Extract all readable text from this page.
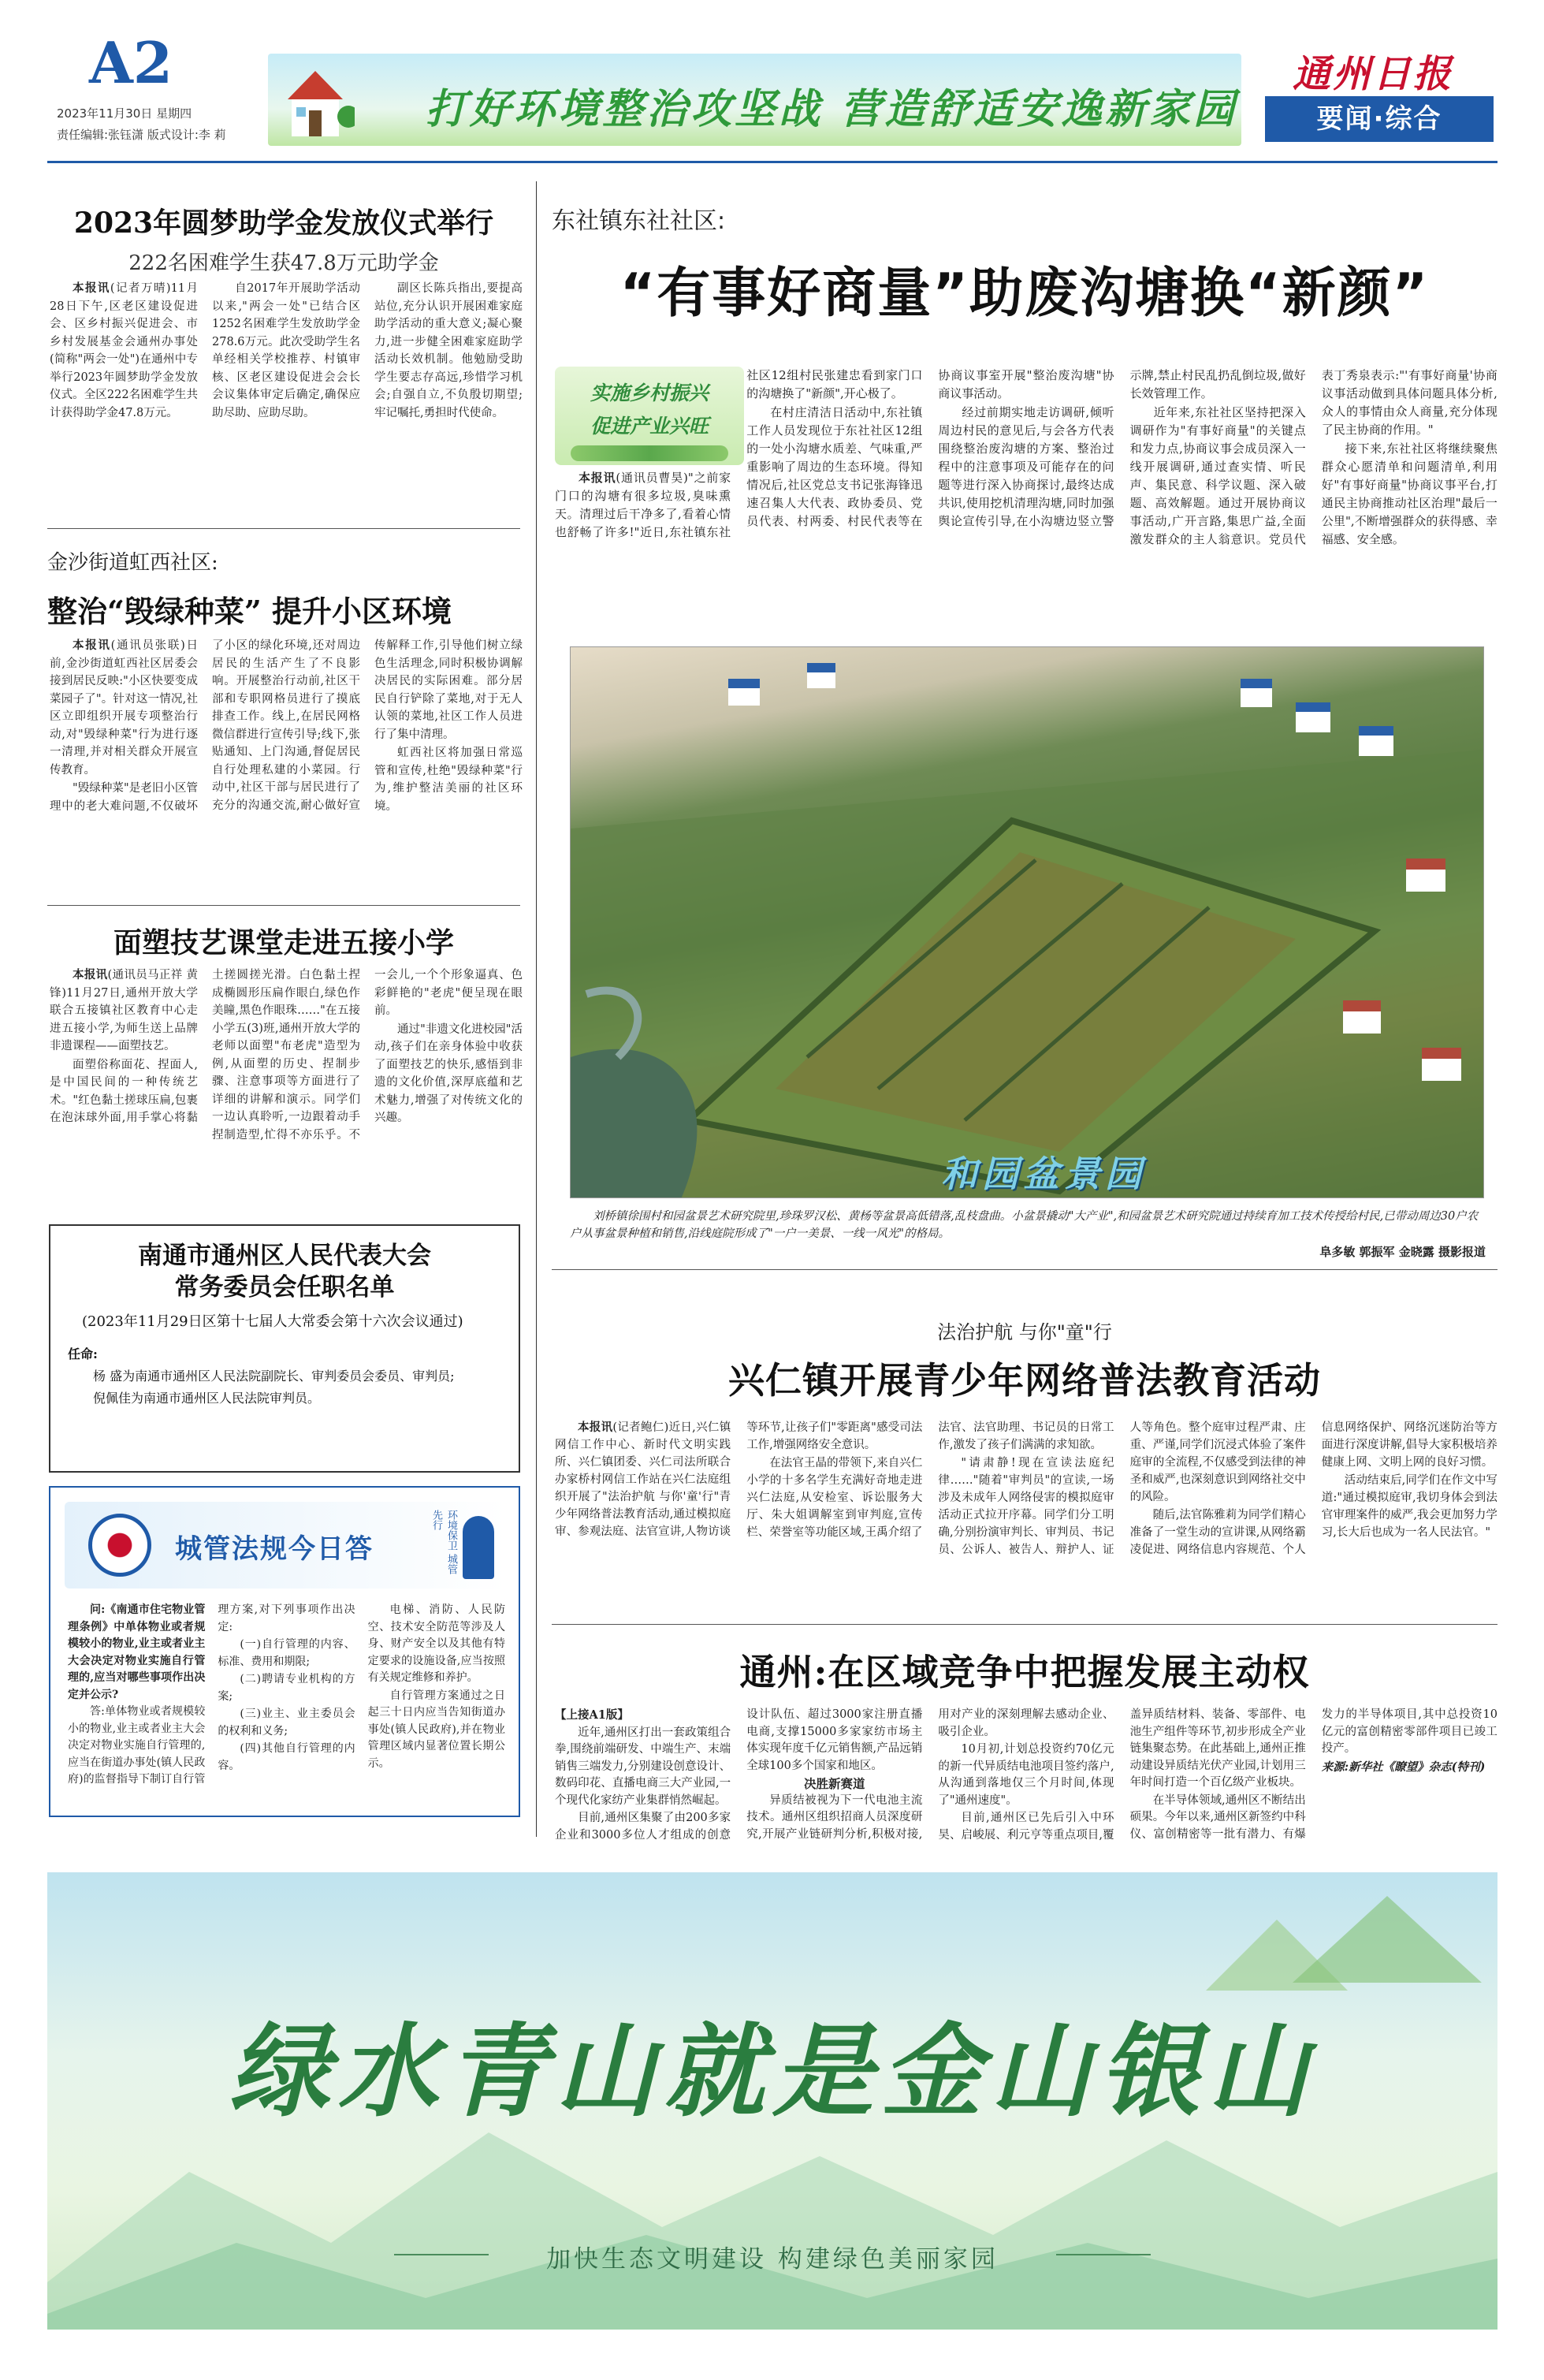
A2
2023年11月30日 星期四
责任编辑:张钰潇 版式设计:李 莉
打好环境整治攻坚战 营造舒适安逸新家园
通州日报
要闻·综合
2023年圆梦助学金发放仪式举行
222名困难学生获47.8万元助学金

本报讯(记者万晴)11月28日下午,区老区建设促进会、区乡村振兴促进会、市乡村发展基金会通州办事处(简称"两会一处")在通州中专举行2023年圆梦助学金发放仪式。全区222名困难学生共计获得助学金47.8万元。

自2017年开展助学活动以来,"两会一处"已结合区1252名困难学生发放助学金278.6万元。此次受助学生名单经相关学校推荐、村镇审核、区老区建设促进会会长会议集体审定后确定,确保应助尽助、应助尽助。

副区长陈兵指出,要提高站位,充分认识开展困难家庭助学活动的重大意义;凝心聚力,进一步健全困难家庭助学活动长效机制。他勉励受助学生要志存高远,珍惜学习机会;自强自立,不负殷切期望;牢记嘱托,勇担时代使命。

金沙街道虹西社区:
整治“毁绿种菜” 提升小区环境

本报讯(通讯员张联)日前,金沙街道虹西社区居委会接到居民反映:"小区快要变成菜园子了"。针对这一情况,社区立即组织开展专项整治行动,对"毁绿种菜"行为进行逐一清理,并对相关群众开展宣传教育。

"毁绿种菜"是老旧小区管理中的老大难问题,不仅破坏了小区的绿化环境,还对周边居民的生活产生了不良影响。开展整治行动前,社区干部和专职网格员进行了摸底排查工作。线上,在居民网格微信群进行宣传引导;线下,张贴通知、上门沟通,督促居民自行处理私建的小菜园。行动中,社区干部与居民进行了充分的沟通交流,耐心做好宣传解释工作,引导他们树立绿色生活理念,同时积极协调解决居民的实际困难。部分居民自行铲除了菜地,对于无人认领的菜地,社区工作人员进行了集中清理。

虹西社区将加强日常巡管和宣传,杜绝"毁绿种菜"行为,维护整洁美丽的社区环境。

面塑技艺课堂走进五接小学

本报讯(通讯员马正祥 黄锋)11月27日,通州开放大学联合五接镇社区教育中心走进五接小学,为师生送上品牌非遗课程——面塑技艺。

面塑俗称面花、捏面人,是中国民间的一种传统艺术。"红色黏土搓球压扁,包裹在泡沫球外面,用手掌心将黏土搓圆搓光滑。白色黏土捏成椭圆形压扁作眼白,绿色作美瞳,黑色作眼珠……"在五接小学五(3)班,通州开放大学的老师以面塑"布老虎"造型为例,从面塑的历史、捏制步骤、注意事项等方面进行了详细的讲解和演示。同学们一边认真聆听,一边跟着动手捏制造型,忙得不亦乐乎。不一会儿,一个个形象逼真、色彩鲜艳的"老虎"便呈现在眼前。

通过"非遗文化进校园"活动,孩子们在亲身体验中收获了面塑技艺的快乐,感悟到非遗的文化价值,深厚底蕴和艺术魅力,增强了对传统文化的兴趣。

南通市通州区人民代表大会
常务委员会任职名单
(2023年11月29日区第十七届人大常委会第十六次会议通过)
任命:
杨 盛为南通市通州区人民法院副院长、审判委员会委员、审判员;
倪佩佳为南通市通州区人民法院审判员。
城管法规今日答	环境保卫 城管先行

问:《南通市住宅物业管理条例》中单体物业或者规模较小的物业,业主或者业主大会决定对物业实施自行管理的,应当对哪些事项作出决定并公示?

答:单体物业或者规模较小的物业,业主或者业主大会决定对物业实施自行管理的,应当在街道办事处(镇人民政府)的监督指导下制订自行管理方案,对下列事项作出决定:

(一)自行管理的内容、标准、费用和期限;

(二)聘请专业机构的方案;

(三)业主、业主委员会的权利和义务;

(四)其他自行管理的内容。

电梯、消防、人民防空、技术安全防范等涉及人身、财产安全以及其他有特定要求的设施设备,应当按照有关规定维修和养护。

自行管理方案通过之日起三十日内应当告知街道办事处(镇人民政府),并在物业管理区域内显著位置长期公示。

东社镇东社社区:
“有事好商量”助废沟塘换“新颜”
实施乡村振兴
促进产业兴旺

本报讯(通讯员曹昊)"之前家门口的沟塘有很多垃圾,臭味熏天。清理过后干净多了,看着心情也舒畅了许多!"近日,东社镇东社社区12组村民张建忠看到家门口的沟塘换了"新颜",开心极了。

在村庄清洁日活动中,东社镇工作人员发现位于东社社区12组的一处小沟塘水质差、气味重,严重影响了周边的生态环境。得知情况后,社区党总支书记张海锋迅速召集人大代表、政协委员、党员代表、村两委、村民代表等在协商议事室开展"整治废沟塘"协商议事活动。

经过前期实地走访调研,倾听周边村民的意见后,与会各方代表围绕整治废沟塘的方案、整治过程中的注意事项及可能存在的问题等进行深入协商探讨,最终达成共识,使用挖机清理沟塘,同时加强舆论宣传引导,在小沟塘边竖立警示牌,禁止村民乱扔乱倒垃圾,做好长效管理工作。

近年来,东社社区坚持把深入调研作为"有事好商量"的关键点和发力点,协商议事会成员深入一线开展调研,通过查实情、听民声、集民意、科学议题、深入破题、高效解题。通过开展协商议事活动,广开言路,集思广益,全面激发群众的主人翁意识。党员代表丁秀泉表示:"'有事好商量'协商议事活动做到具体问题具体分析,众人的事情由众人商量,充分体现了民主协商的作用。"

接下来,东社社区将继续聚焦群众心愿清单和问题清单,利用好"有事好商量"协商议事平台,打通民主协商推动社区治理"最后一公里",不断增强群众的获得感、幸福感、安全感。

和园盆景园
刘桥镇徐围村和园盆景艺术研究院里,珍珠罗汉松、黄杨等盆景高低错落,乱枝盘曲。小盆景撬动"大产业",和园盆景艺术研究院通过持续育加工技术传授给村民,已带动周边30户农户从事盆景种植和销售,沿线庭院形成了"一户一美景、一线一风光"的格局。
阜多敏 郭振军 金晓露 摄影报道
法治护航 与你"童"行
兴仁镇开展青少年网络普法教育活动

本报讯(记者鲍仁)近日,兴仁镇网信工作中心、新时代文明实践所、兴仁镇团委、兴仁司法所联合办家桥村网信工作站在兴仁法庭组织开展了"法治护航 与你'童'行"青少年网络普法教育活动,通过模拟庭审、参观法庭、法官宣讲,人物访谈等环节,让孩子们"零距离"感受司法工作,增强网络安全意识。

在法官王晶的带领下,来自兴仁小学的十多名学生充满好奇地走进兴仁法庭,从安检室、诉讼服务大厅、朱大姐调解室到审判庭,宣传栏、荣誉室等功能区域,王禹介绍了法官、法官助理、书记员的日常工作,激发了孩子们满满的求知欲。

"请肃静!现在宣读法庭纪律……"随着"审判员"的宣读,一场涉及未成年人网络侵害的模拟庭审活动正式拉开序幕。同学们分工明确,分别扮演审判长、审判员、书记员、公诉人、被告人、辩护人、证人等角色。整个庭审过程严肃、庄重、严谨,同学们沉浸式体验了案件庭审的全流程,不仅感受到法律的神圣和威严,也深刻意识到网络社交中的风险。

随后,法官陈雅莉为同学们精心准备了一堂生动的宣讲课,从网络霸凌促进、网络信息内容规范、个人信息网络保护、网络沉迷防治等方面进行深度讲解,倡导大家积极培养健康上网、文明上网的良好习惯。

活动结束后,同学们在作文中写道:"通过模拟庭审,我切身体会到法官审理案件的威严,我会更加努力学习,长大后也成为一名人民法官。"

通州:在区域竞争中把握发展主动权

【上接A1版】

近年,通州区打出一套政策组合拳,围绕前端研发、中端生产、末端销售三端发力,分别建设创意设计、数码印花、直播电商三大产业园,一个现代化家纺产业集群悄然崛起。

目前,通州区集聚了由200多家企业和3000多位人才组成的创意设计队伍、超过3000家注册直播电商,支撑15000多家家纺市场主体实现年度千亿元销售额,产品远销全球100多个国家和地区。

决胜新赛道

异质结被视为下一代电池主流技术。通州区组织招商人员深度研究,开展产业链研判分析,积极对接,用对产业的深刻理解去感动企业、吸引企业。

10月初,计划总投资约70亿元的新一代异质结电池项目签约落户,从沟通到落地仅三个月时间,体现了"通州速度"。

目前,通州区已先后引入中环昊、启峻展、利元亨等重点项目,覆盖异质结材料、装备、零部件、电池生产组件等环节,初步形成全产业链集聚态势。在此基础上,通州正推动建设异质结光伏产业园,计划用三年时间打造一个百亿级产业板块。

在半导体领域,通州区不断结出硕果。今年以来,通州区新签约中科仪、富创精密等一批有潜力、有爆发力的半导体项目,其中总投资10亿元的富创精密零部件项目已竣工投产。

来源:新华社《瞭望》杂志(特刊)

绿水青山就是金山银山
加快生态文明建设 构建绿色美丽家园
